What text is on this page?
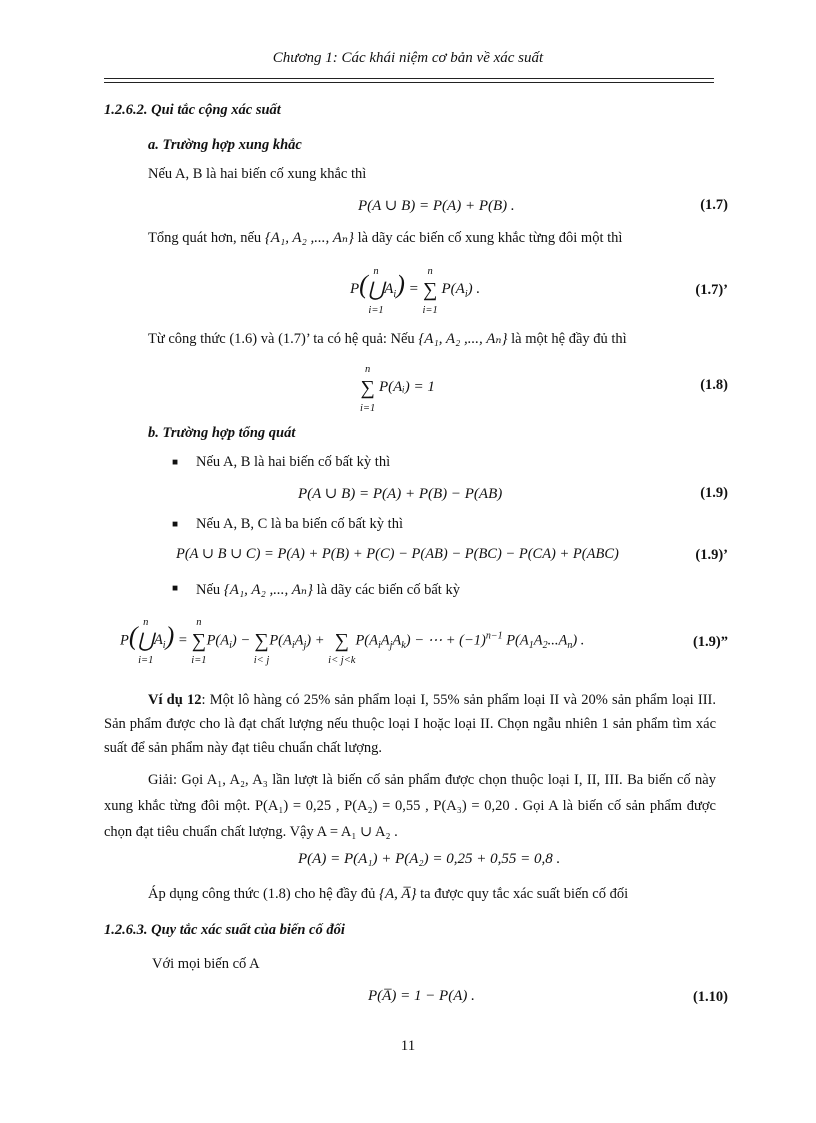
Chương 1: Các khái niệm cơ bản về xác suất
1.2.6.2. Qui tắc cộng xác suất
a. Trường hợp xung khắc
Nếu A, B là hai biến cố xung khắc thì
P(A ∪ B) = P(A) + P(B) .	(1.7)
Tổng quát hơn, nếu {A₁, A₂ ,..., Aₙ} là dãy các biến cố xung khắc từng đôi một thì
P( n
⋃
$i=1A_i) = n$
∑
i=1 $P(A_i)$ .	(1.7)’
Từ công thức (1.6) và (1.7)’ ta có hệ quả: Nếu {A₁, A₂ ,..., Aₙ} là một hệ đầy đủ thì
n
∑
i=1 P(Aᵢ) = 1	(1.8)
b. Trường hợp tổng quát
■ Nếu A, B là hai biến cố bất kỳ thì
P(A ∪ B) = P(A) + P(B) − P(AB)	(1.9)
■ Nếu A, B, C là ba biến cố bất kỳ thì
P(A ∪ B ∪ C) = P(A) + P(B) + P(C) − P(AB) − P(BC) − P(CA) + P(ABC)	(1.9)’
■ Nếu {A₁, A₂ ,..., Aₙ} là dãy các biến cố bất kỳ
P( n
⋃
$i=1A_i) = n$
∑
$i=1P(A_i)$ −
∑
$i< jP(A_iA_j)$ +
∑
$i< j<kP(A_iA_jA_k)$ − ⋯ + $(-1)^{n-1}$ $P(A_1A_2...A_n)$ .	(1.9)”
Ví dụ 12: Một lô hàng có 25% sản phẩm loại I, 55% sản phẩm loại II và 20% sản phẩm loại III. Sản phẩm được cho là đạt chất lượng nếu thuộc loại I hoặc loại II. Chọn ngẫu nhiên 1 sản phẩm tìm xác suất để sản phẩm này đạt tiêu chuẩn chất lượng.
Giải: Gọi A₁, A₂, A₃ lần lượt là biến cố sản phẩm được chọn thuộc loại I, II, III. Ba biến cố này xung khắc từng đôi một. P(A₁) = 0,25 , P(A₂) = 0,55 , P(A₃) = 0,20 . Gọi A là biến cố sản phẩm được chọn đạt tiêu chuẩn chất lượng. Vậy A = A₁ ∪ A₂ .
P(A) = P(A₁) + P(A₂) = 0,25 + 0,55 = 0,8 .
Áp dụng công thức (1.8) cho hệ đầy đủ {A, A̅} ta được quy tắc xác suất biến cố đối
1.2.6.3. Quy tắc xác suất của biến cố đối
Với mọi biến cố A
P(A̅) = 1 − P(A) .	(1.10)
11
